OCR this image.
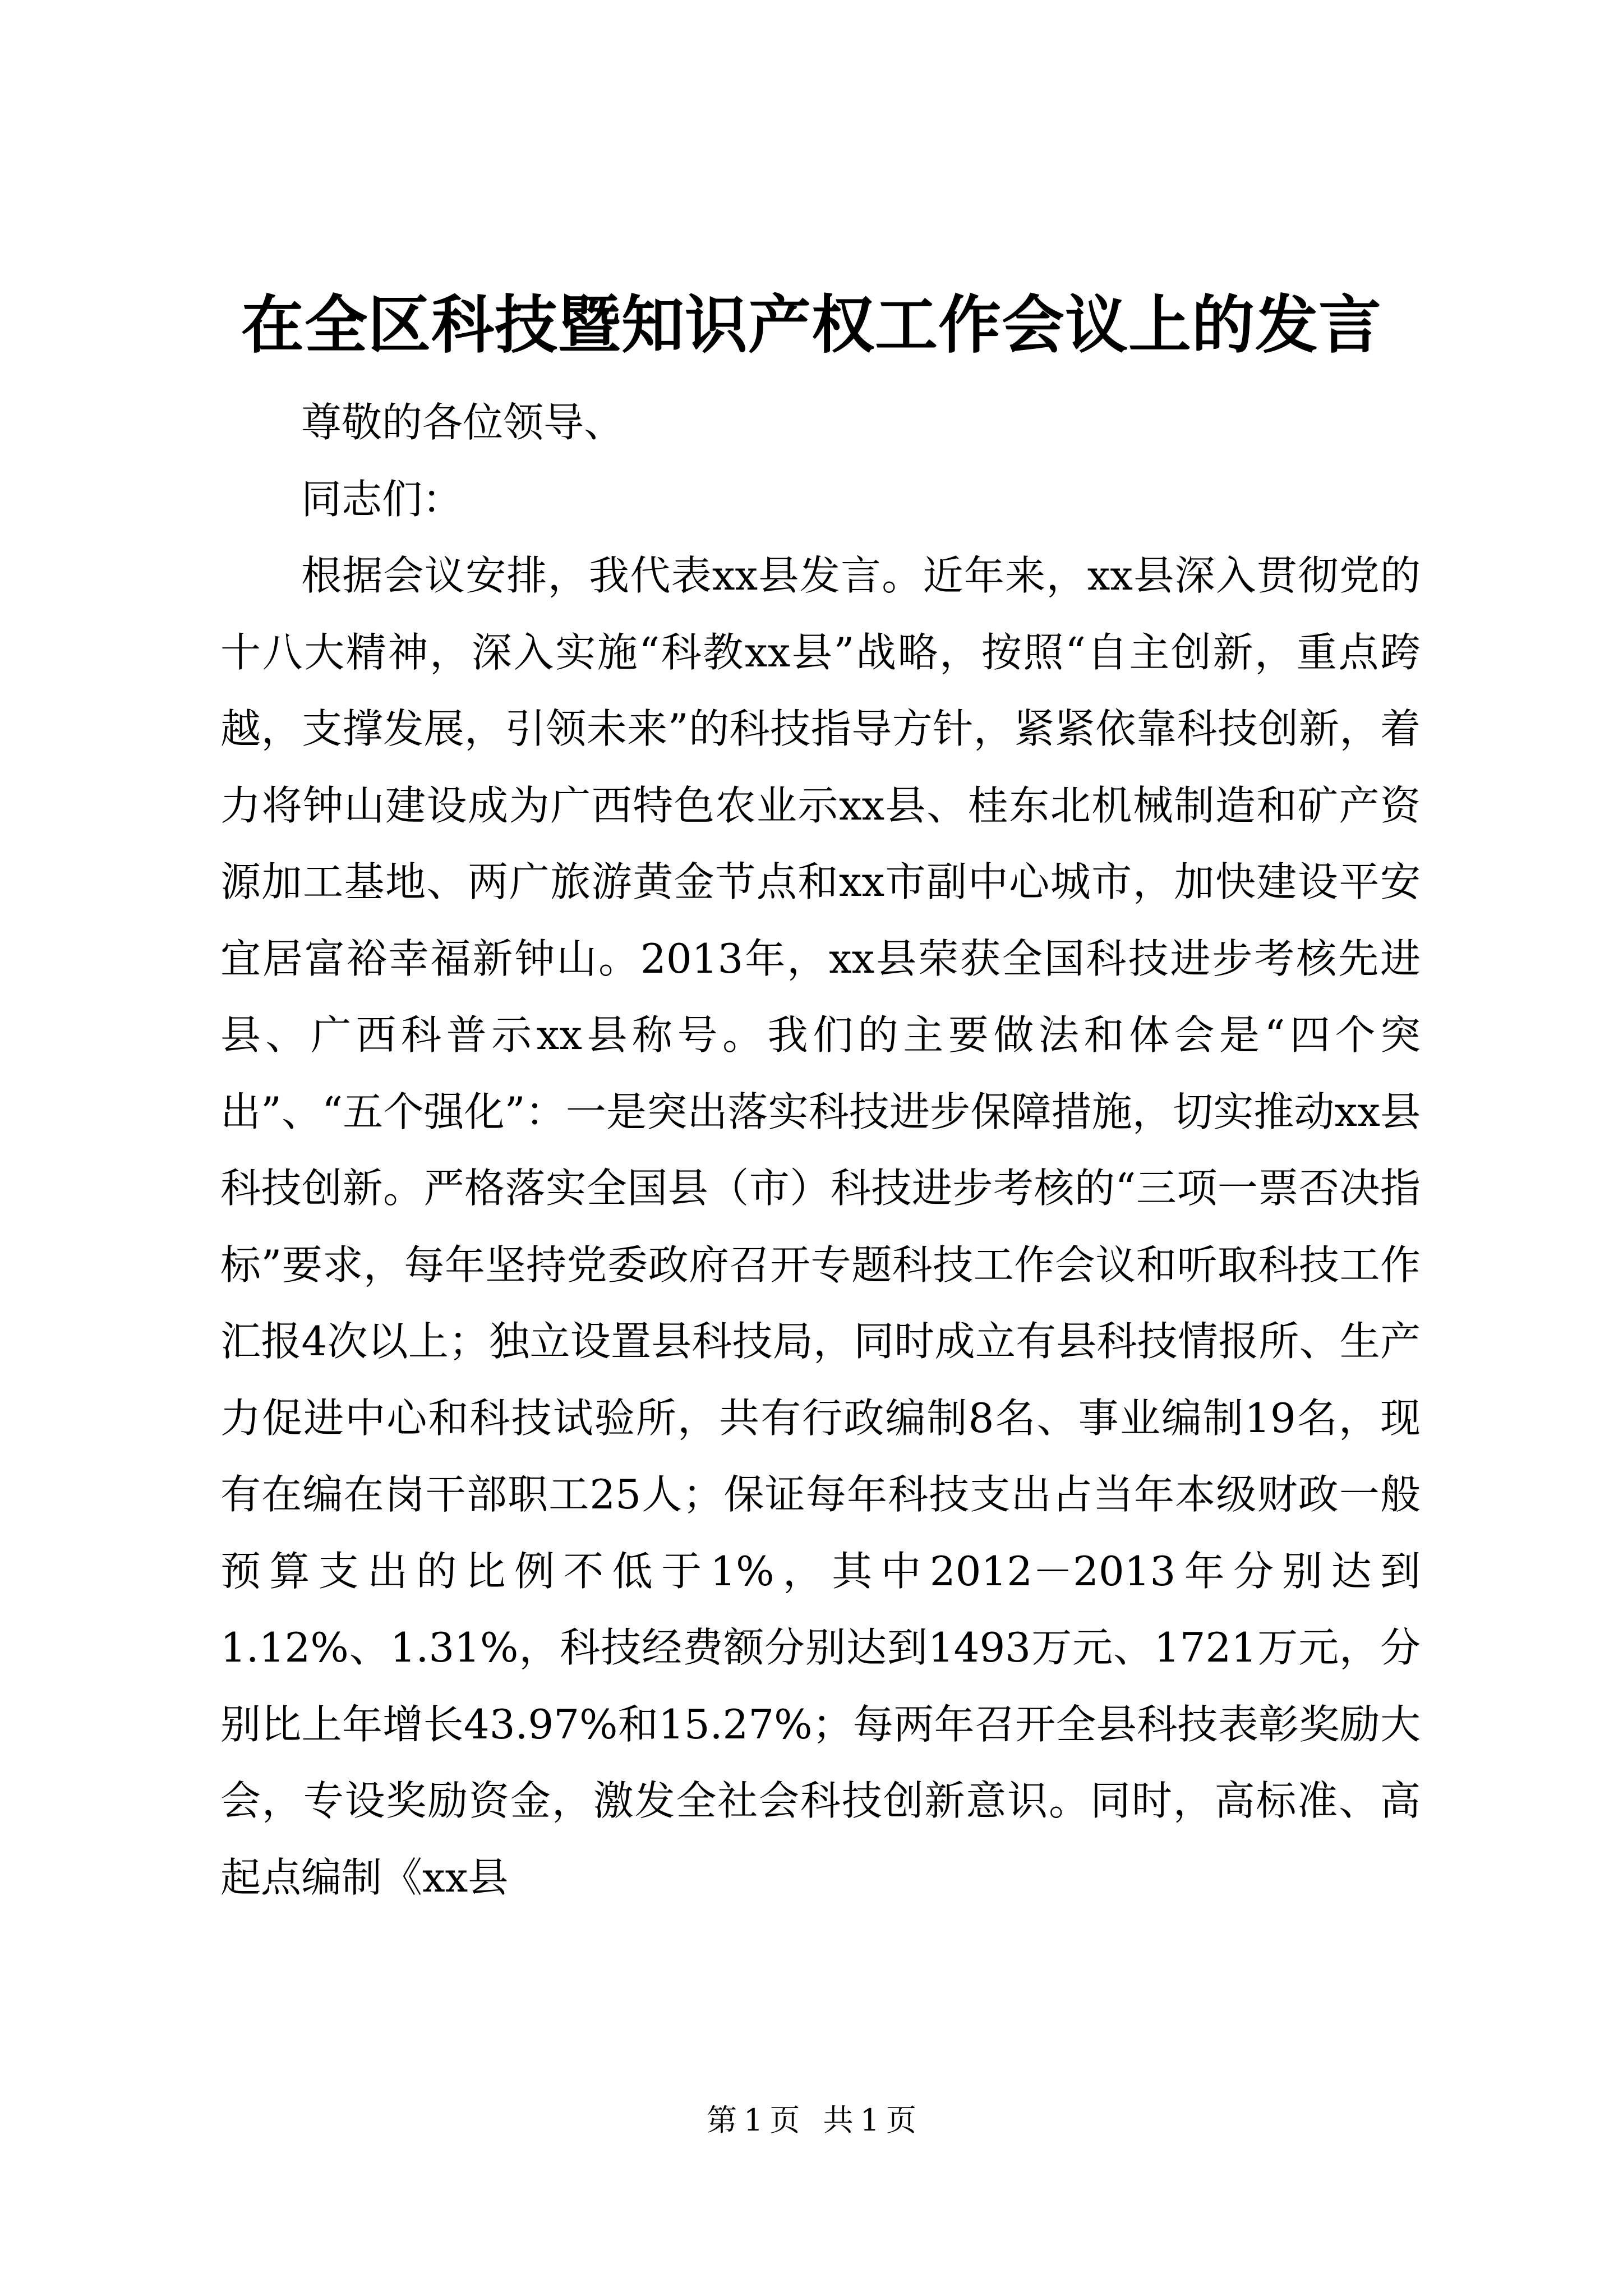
在全区科技暨知识产权工作会议上的发言

尊敬的各位领导、

同志们：

根据会议安排，我代表xx县发言。近年来，xx县深入贯彻党的十八大精神，深入实施“科教xx县”战略，按照“自主创新，重点跨越，支撑发展，引领未来”的科技指导方针，紧紧依靠科技创新，着力将钟山建设成为广西特色农业示xx县、桂东北机械制造和矿产资源加工基地、两广旅游黄金节点和xx市副中心城市，加快建设平安宜居富裕幸福新钟山。2013年，xx县荣获全国科技进步考核先进县、广西科普示xx县称号。我们的主要做法和体会是“四个突出”、“五个强化”：一是突出落实科技进步保障措施，切实推动xx县科技创新。严格落实全国县（市）科技进步考核的“三项一票否决指标”要求，每年坚持党委政府召开专题科技工作会议和听取科技工作汇报4次以上；独立设置县科技局，同时成立有县科技情报所、生产力促进中心和科技试验所，共有行政编制8名、事业编制19名，现有在编在岗干部职工25人；保证每年科技支出占当年本级财政一般预算支出的比例不低于1%，其中2012－2013年分别达到1.12%、1.31%，科技经费额分别达到1493万元、1721万元，分别比上年增长43.97%和15.27%；每两年召开全县科技表彰奖励大会，专设奖励资金，激发全社会科技创新意识。同时，高标准、高起点编制《xx县

第 1 页 共 1 页
